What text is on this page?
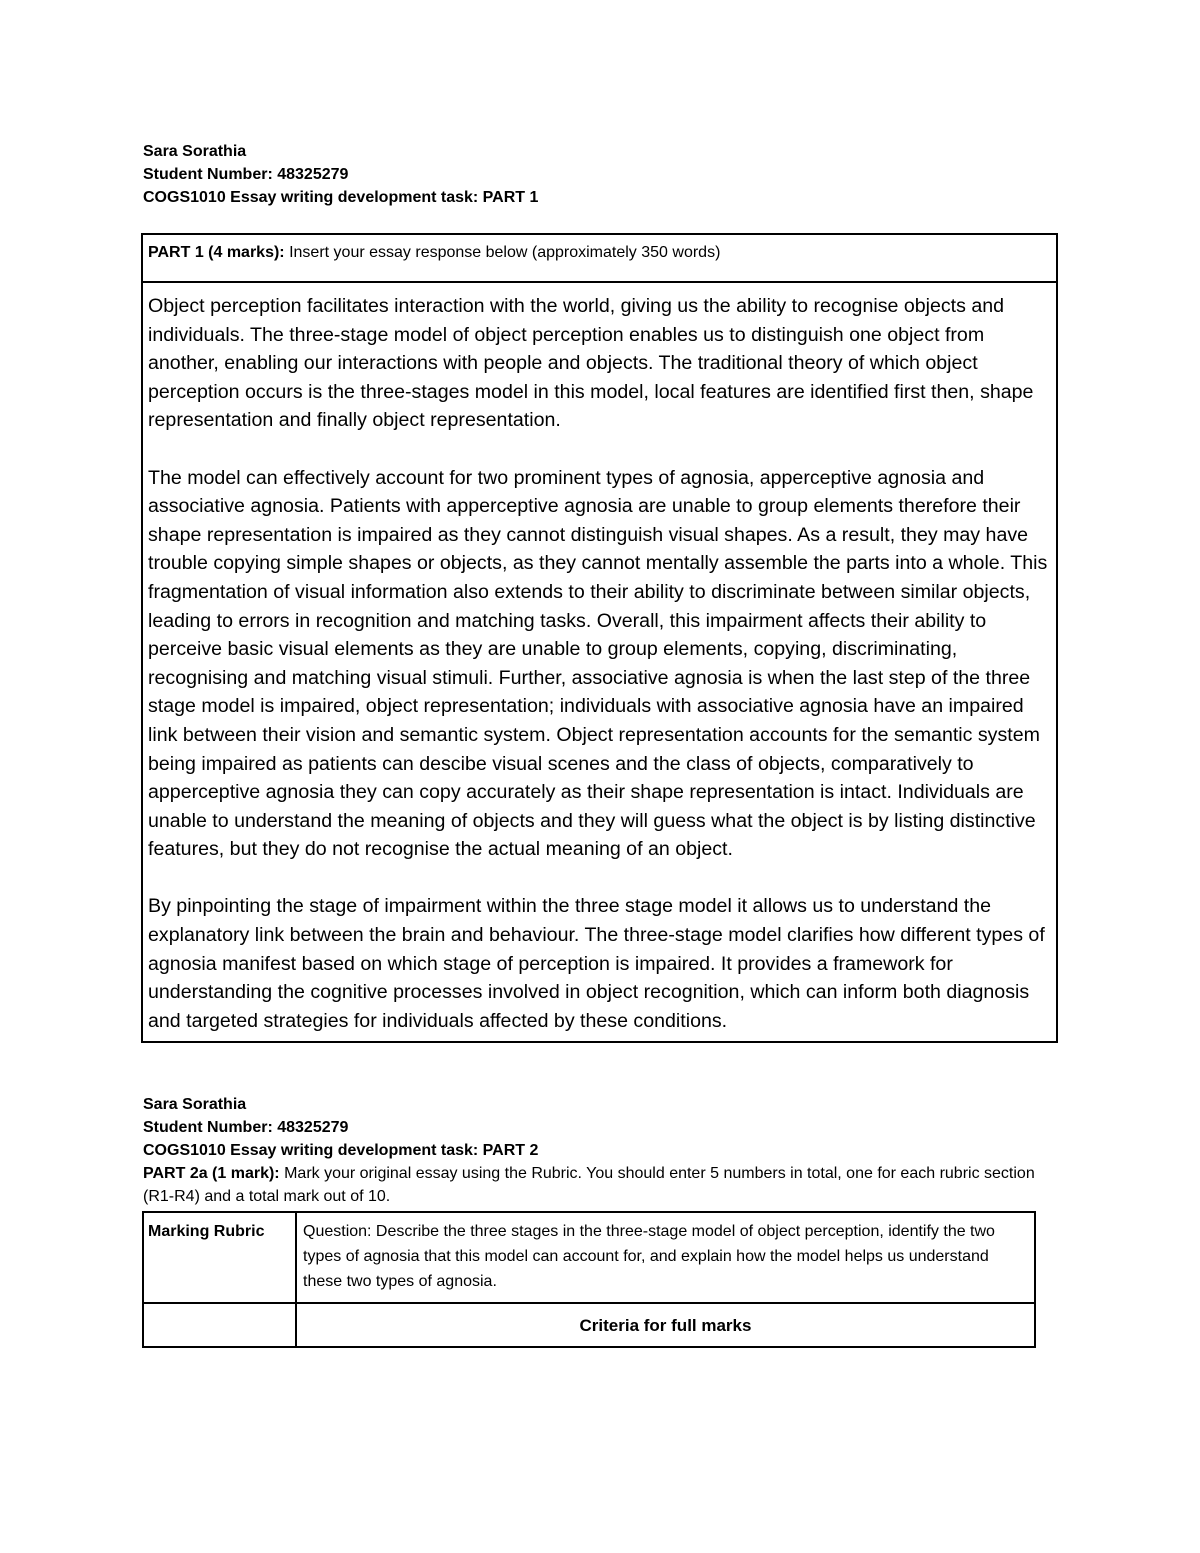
Sara Sorathia
Student Number: 48325279
COGS1010 Essay writing development task: PART 1
PART 1 (4 marks): Insert your essay response below (approximately 350 words)

Object perception facilitates interaction with the world, giving us the ability to recognise objects and individuals. The three-stage model of object perception enables us to distinguish one object from another, enabling our interactions with people and objects. The traditional theory of which object perception occurs is the three-stages model in this model, local features are identified first then, shape representation and finally object representation.

The model can effectively account for two prominent types of agnosia, apperceptive agnosia and associative agnosia. Patients with apperceptive agnosia are unable to group elements therefore their shape representation is impaired as they cannot distinguish visual shapes. As a result, they may have trouble copying simple shapes or objects, as they cannot mentally assemble the parts into a whole. This fragmentation of visual information also extends to their ability to discriminate between similar objects, leading to errors in recognition and matching tasks. Overall, this impairment affects their ability to perceive basic visual elements as they are unable to group elements, copying, discriminating, recognising and matching visual stimuli. Further, associative agnosia is when the last step of the three stage model is impaired, object representation; individuals with associative agnosia have an impaired link between their vision and semantic system. Object representation accounts for the semantic system being impaired as patients can descibe visual scenes and the class of objects, comparatively to apperceptive agnosia they can copy accurately as their shape representation is intact. Individuals are unable to understand the meaning of objects and they will guess what the object is by listing distinctive features, but they do not recognise the actual meaning of an object.

By pinpointing the stage of impairment within the three stage model it allows us to understand the explanatory link between the brain and behaviour. The three-stage model clarifies how different types of agnosia manifest based on which stage of perception is impaired. It provides a framework for understanding the cognitive processes involved in object recognition, which can inform both diagnosis and targeted strategies for individuals affected by these conditions.

Sara Sorathia
Student Number: 48325279
COGS1010 Essay writing development task: PART 2
PART 2a (1 mark): Mark your original essay using the Rubric. You should enter 5 numbers in total, one for each rubric section (R1-R4) and a total mark out of 10.
Marking Rubric	Question: Describe the three stages in the three-stage model of object perception, identify the two types of agnosia that this model can account for, and explain how the model helps us understand these two types of agnosia.
	Criteria for full marks
